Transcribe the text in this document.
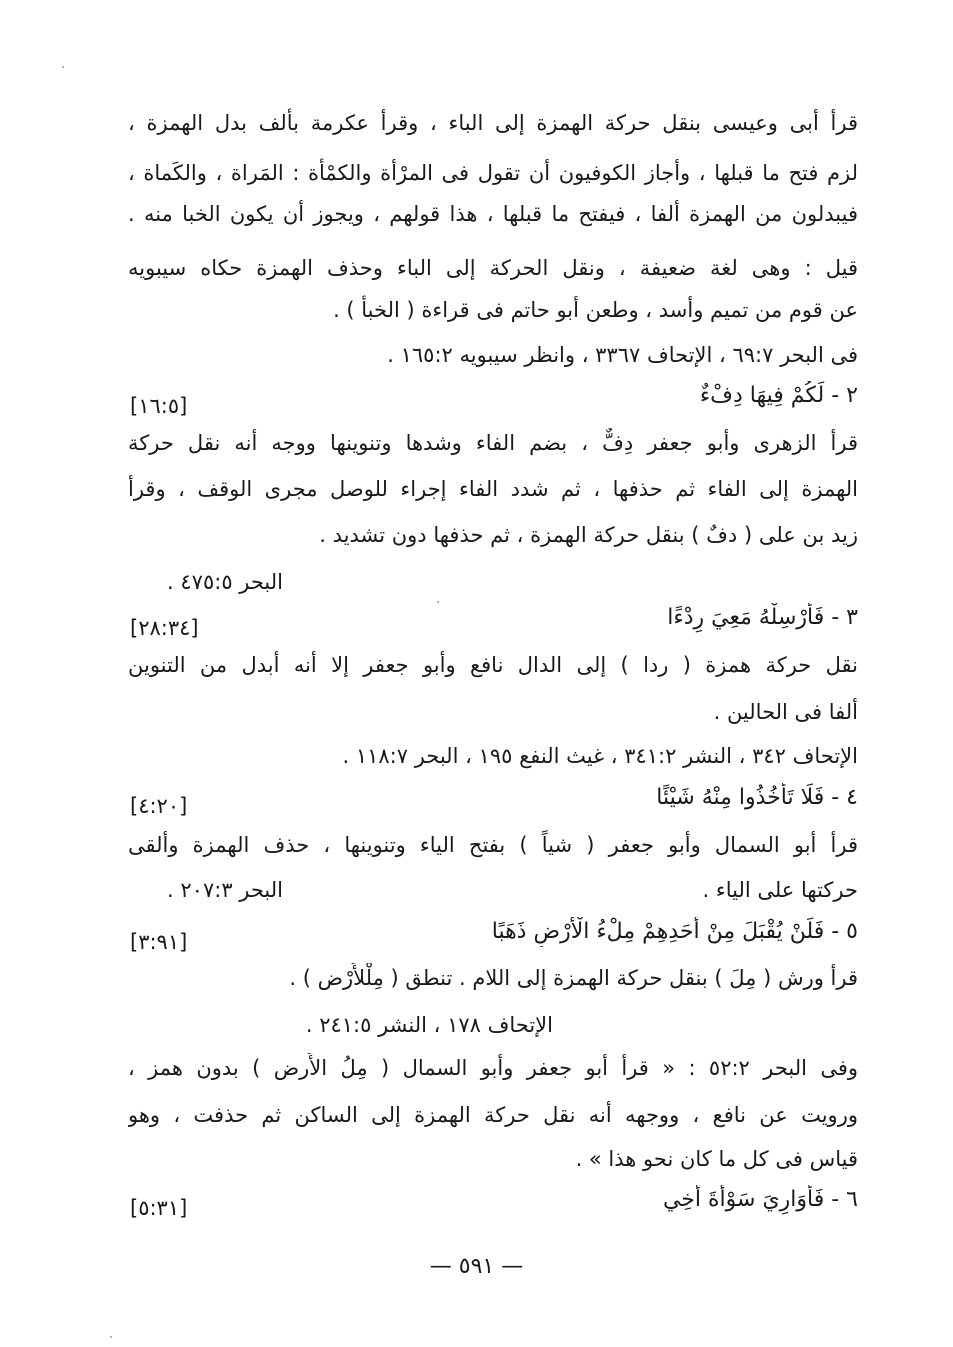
قرأ أبى وعيسى بنقل حركة الهمزة إلى الباء ، وقرأ عكرمة بألف بدل الهمزة ،
لزم فتح ما قبلها ، وأجاز الكوفيون أن تقول فى المرْأة والكمْأة : المَراة ، والكَماة ،
فيبدلون من الهمزة ألفا ، فيفتح ما قبلها ، هذا قولهم ، ويجوز أن يكون الخبا منه .
قيل : وهى لغة ضعيفة ، ونقل الحركة إلى الباء وحذف الهمزة حكاه سيبويه
عن قوم من تميم وأسد ، وطعن أبو حاتم فى قراءة ( الخبأ ) .
فى البحر ٦٩:٧ ، الإتحاف ٣٣٦٧ ، وانظر سيبويه ١٦٥:٢ .
٢ - لَكُمْ فِيهَا دِفْءٌ
[١٦:٥]
قرأ الزهرى وأبو جعفر دِفٌّ ، بضم الفاء وشدها وتنوينها ووجه أنه نقل حركة
الهمزة إلى الفاء ثم حذفها ، ثم شدد الفاء إجراء للوصل مجرى الوقف ، وقرأ
زيد بن على ( دفٌ ) بنقل حركة الهمزة ، ثم حذفها دون تشديد .
البحر ٤٧٥:٥ .
٣ - فَأَرْسِلْهُ مَعِيَ رِدْءًا
[٢٨:٣٤]
نقل حركة همزة ( ردا ) إلى الدال نافع وأبو جعفر إلا أنه أبدل من التنوين
ألفا فى الحالين .
الإتحاف ٣٤٢ ، النشر ٣٤١:٢ ، غيث النفع ١٩٥ ، البحر ١١٨:٧ .
٤ - فَلَا تَأْخُذُوا مِنْهُ شَيْئًا
[٤:٢٠]
قرأ أبو السمال وأبو جعفر ( شياً ) بفتح الياء وتنوينها ، حذف الهمزة وألقى
حركتها على الياء .
البحر ٢٠٧:٣ .
٥ - فَلَنْ يُقْبَلَ مِنْ أَحَدِهِمْ مِلْءُ الْأَرْضِ ذَهَبًا
[٣:٩١]
قرأ ورش ( مِلَ ) بنقل حركة الهمزة إلى اللام . تنطق ( مِلْلأَرْض ) .
الإتحاف ١٧٨ ، النشر ٢٤١:٥ .
وفى البحر ٥٢:٢ : « قرأ أبو جعفر وأبو السمال ( مِلُ الأَرض ) بدون همز ،
ورويت عن نافع ، ووجهه أنه نقل حركة الهمزة إلى الساكن ثم حذفت ، وهو
قياس فى كل ما كان نحو هذا » .
٦ - فَأُوَارِيَ سَوْأَةَ أَخِي
[٥:٣١]
— ٥٩١ —
